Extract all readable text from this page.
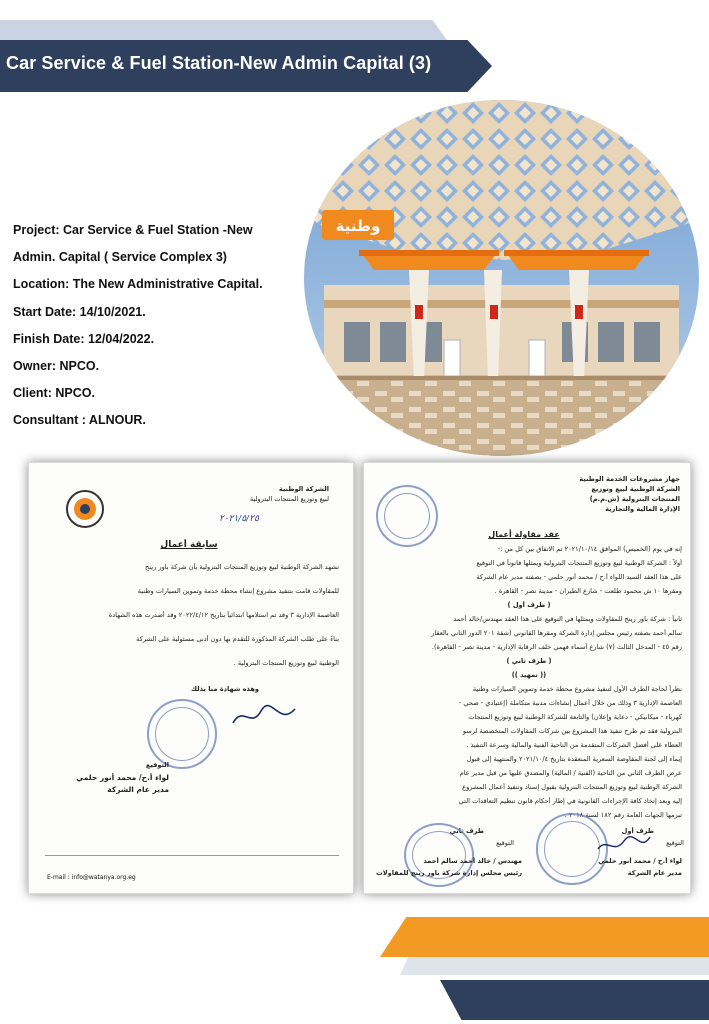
Car Service & Fuel Station-New Admin Capital (3)
Project: Car Service & Fuel Station -New
Admin. Capital ( Service Complex 3)
Location: The New Administrative Capital.
Start Date: 14/10/2021.
Finish Date: 12/04/2022.
Owner: NPCO.
Client: NPCO.
Consultant : ALNOUR.
وطنية
الشركة الوطنية
لبيع وتوزيع المنتجات البترولية
٢٠٢١/٥/٢٥
سابقة أعمال
تشهد الشركة الوطنية لبيع وتوزيع المنتجات البترولية بأن شركة باور رينج
للمقاولات قامت بتنفيذ مشروع إنشاء محطة خدمة وتموين السيارات وطنية
العاصمة الإدارية ٣ وقد تم استلامها ابتدائياً بتاريخ ٢٠٢٢/٤/١٢ وقد أصدرت هذه الشهادة
بناءً على طلب الشركة المذكورة للتقدم بها دون أدنى مسئولية على الشركة
الوطنية لبيع وتوزيع المنتجات البترولية .
وهذه شهادة منا بذلك
التوقيع
لواء أ.ح/ محمد أنور حلمي
مدير عام الشركة
E-mail : info@watanya.org.eg
جهاز مشروعات الخدمة الوطنية
الشركة الوطنية لبيع وتوزيع
المنتجات البترولية (ش.م.م)
الإدارة المالية والتجارية
عقد مقاولة أعمال
إنه في يوم (الخميس) الموافق ٢٠٢١/١٠/١٤ تم الاتفاق بين كل من :-
أولاً : الشركة الوطنية لبيع وتوزيع المنتجات البترولية ويمثلها قانوناً في التوقيع
على هذا العقد السيد اللواء أ.ح / محمد أنور حلمي - بصفته مدير عام الشركة
ومقرها ١٠ ش محمود طلعت - شارع الطيران - مدينة نصر - القاهرة .
( طرف أول )
ثانياً : شركة باور رينج للمقاولات ويمثلها في التوقيع على هذا العقد مهندس/خالد أحمد
سالم أحمد بصفته رئيس مجلس إدارة الشركة ومقرها القانوني (شقة ٢٠١ الدور الثاني بالعقار
رقم ٤٥ - المدخل الثالث (٧) شارع أسماء فهمي خلف الرقابة الإدارية - مدينة نصر - القاهرة).
( طرف ثاني )
(( تمهيد ))
نظراً لحاجة الطرف الأول لتنفيذ مشروع محطة خدمة وتموين السيارات وطنية
العاصمة الإدارية ٣ وذلك من خلال أعمال إنشاءات مدنية متكاملة (إعتيادي - صحي -
كهرباء - ميكانيكي - دعاية وإعلان) والتابعة للشركة الوطنية لبيع وتوزيع المنتجات
البترولية فقد تم طرح تنفيذ هذا المشروع بين شركات المقاولات المتخصصة لرسو
العطاء على أفضل الشركات المتقدمة من الناحية الفنية والمالية وسرعة التنفيذ .
إيماء إلى لجنة المفاوضة السعرية المنعقدة بتاريخ ٢٠٢١/١٠/٤ والمنتهية إلى قبول
عرض الطرف الثاني من الناحية (الفنية / المالية) والمصدق عليها من قبل مدير عام
الشركة الوطنية لبيع وتوزيع المنتجات البترولية بقبول إسناد وتنفيذ أعمال المشروع
إليه وبعد إتخاذ كافة الإجراءات القانونية في إطار أحكام قانون تنظيم التعاقدات التي
تبرمها الجهات العامة رقم ١٨٢ لسنة ٢٠١٨ .
طرف ثاني	طرف أول
التوقيع	التوقيع
مهندس / خالد أحمد سالم أحمد
رئيس مجلس إدارة شركة باور رينج للمقاولات
لواء أ.ح / محمد أنور حلمي
مدير عام الشركة
